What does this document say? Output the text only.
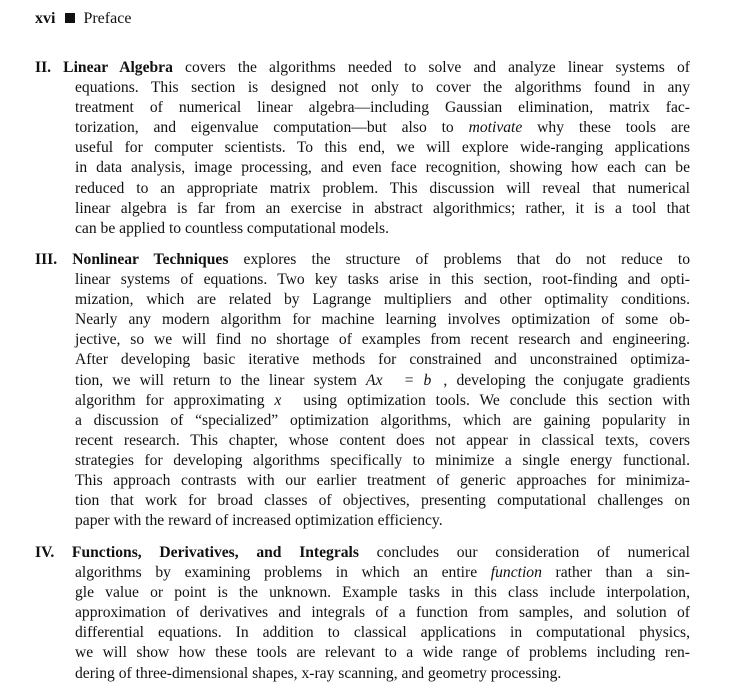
xvi Preface
II. Linear Algebra covers the algorithms needed to solve and analyze linear systems of
equations. This section is designed not only to cover the algorithms found in any
treatment of numerical linear algebra—including Gaussian elimination, matrix fac-
torization, and eigenvalue computation—but also to motivate why these tools are
useful for computer scientists. To this end, we will explore wide-ranging applications
in data analysis, image processing, and even face recognition, showing how each can be
reduced to an appropriate matrix problem. This discussion will reveal that numerical
linear algebra is far from an exercise in abstract algorithmics; rather, it is a tool that
can be applied to countless computational models.
III. Nonlinear Techniques explores the structure of problems that do not reduce to
linear systems of equations. Two key tasks arise in this section, root-finding and opti-
mization, which are related by Lagrange multipliers and other optimality conditions.
Nearly any modern algorithm for machine learning involves optimization of some ob-
jective, so we will find no shortage of examples from recent research and engineering.
After developing basic iterative methods for constrained and unconstrained optimiza-
tion, we will return to the linear system Ax⃗ = b⃗, developing the conjugate gradients
algorithm for approximating x⃗ using optimization tools. We conclude this section with
a discussion of “specialized” optimization algorithms, which are gaining popularity in
recent research. This chapter, whose content does not appear in classical texts, covers
strategies for developing algorithms specifically to minimize a single energy functional.
This approach contrasts with our earlier treatment of generic approaches for minimiza-
tion that work for broad classes of objectives, presenting computational challenges on
paper with the reward of increased optimization efficiency.
IV. Functions, Derivatives, and Integrals concludes our consideration of numerical
algorithms by examining problems in which an entire function rather than a sin-
gle value or point is the unknown. Example tasks in this class include interpolation,
approximation of derivatives and integrals of a function from samples, and solution of
differential equations. In addition to classical applications in computational physics,
we will show how these tools are relevant to a wide range of problems including ren-
dering of three-dimensional shapes, x-ray scanning, and geometry processing.
